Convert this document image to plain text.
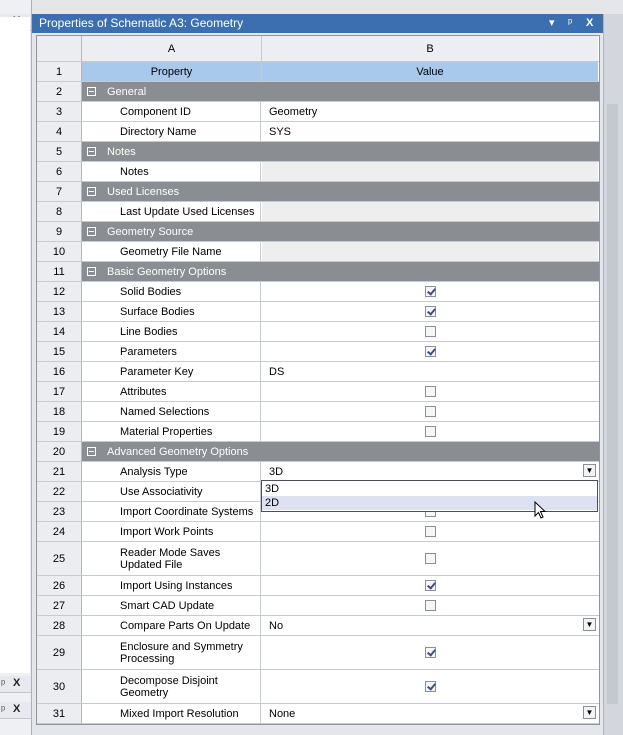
ᵖ X
ᵖ X
Properties of Schematic A3: Geometry	▾ ᵖ X
A	B
1	Property	Value
2	General
3	Component ID	Geometry
4	Directory Name	SYS
5	Notes
6	Notes
7	Used Licenses
8	Last Update Used Licenses
9	Geometry Source
10	Geometry File Name
11	Basic Geometry Options
12	Solid Bodies
13	Surface Bodies
14	Line Bodies
15	Parameters
16	Parameter Key	DS
17	Attributes
18	Named Selections
19	Material Properties
20	Advanced Geometry Options
21	Analysis Type	3D	▼
22	Use Associativity
23	Import Coordinate Systems
24	Import Work Points
25	Reader Mode Saves Updated File
26	Import Using Instances
27	Smart CAD Update
28	Compare Parts On Update	No	▼
29	Enclosure and Symmetry Processing
30	Decompose Disjoint Geometry
31	Mixed Import Resolution	None	▼
3D
2D
